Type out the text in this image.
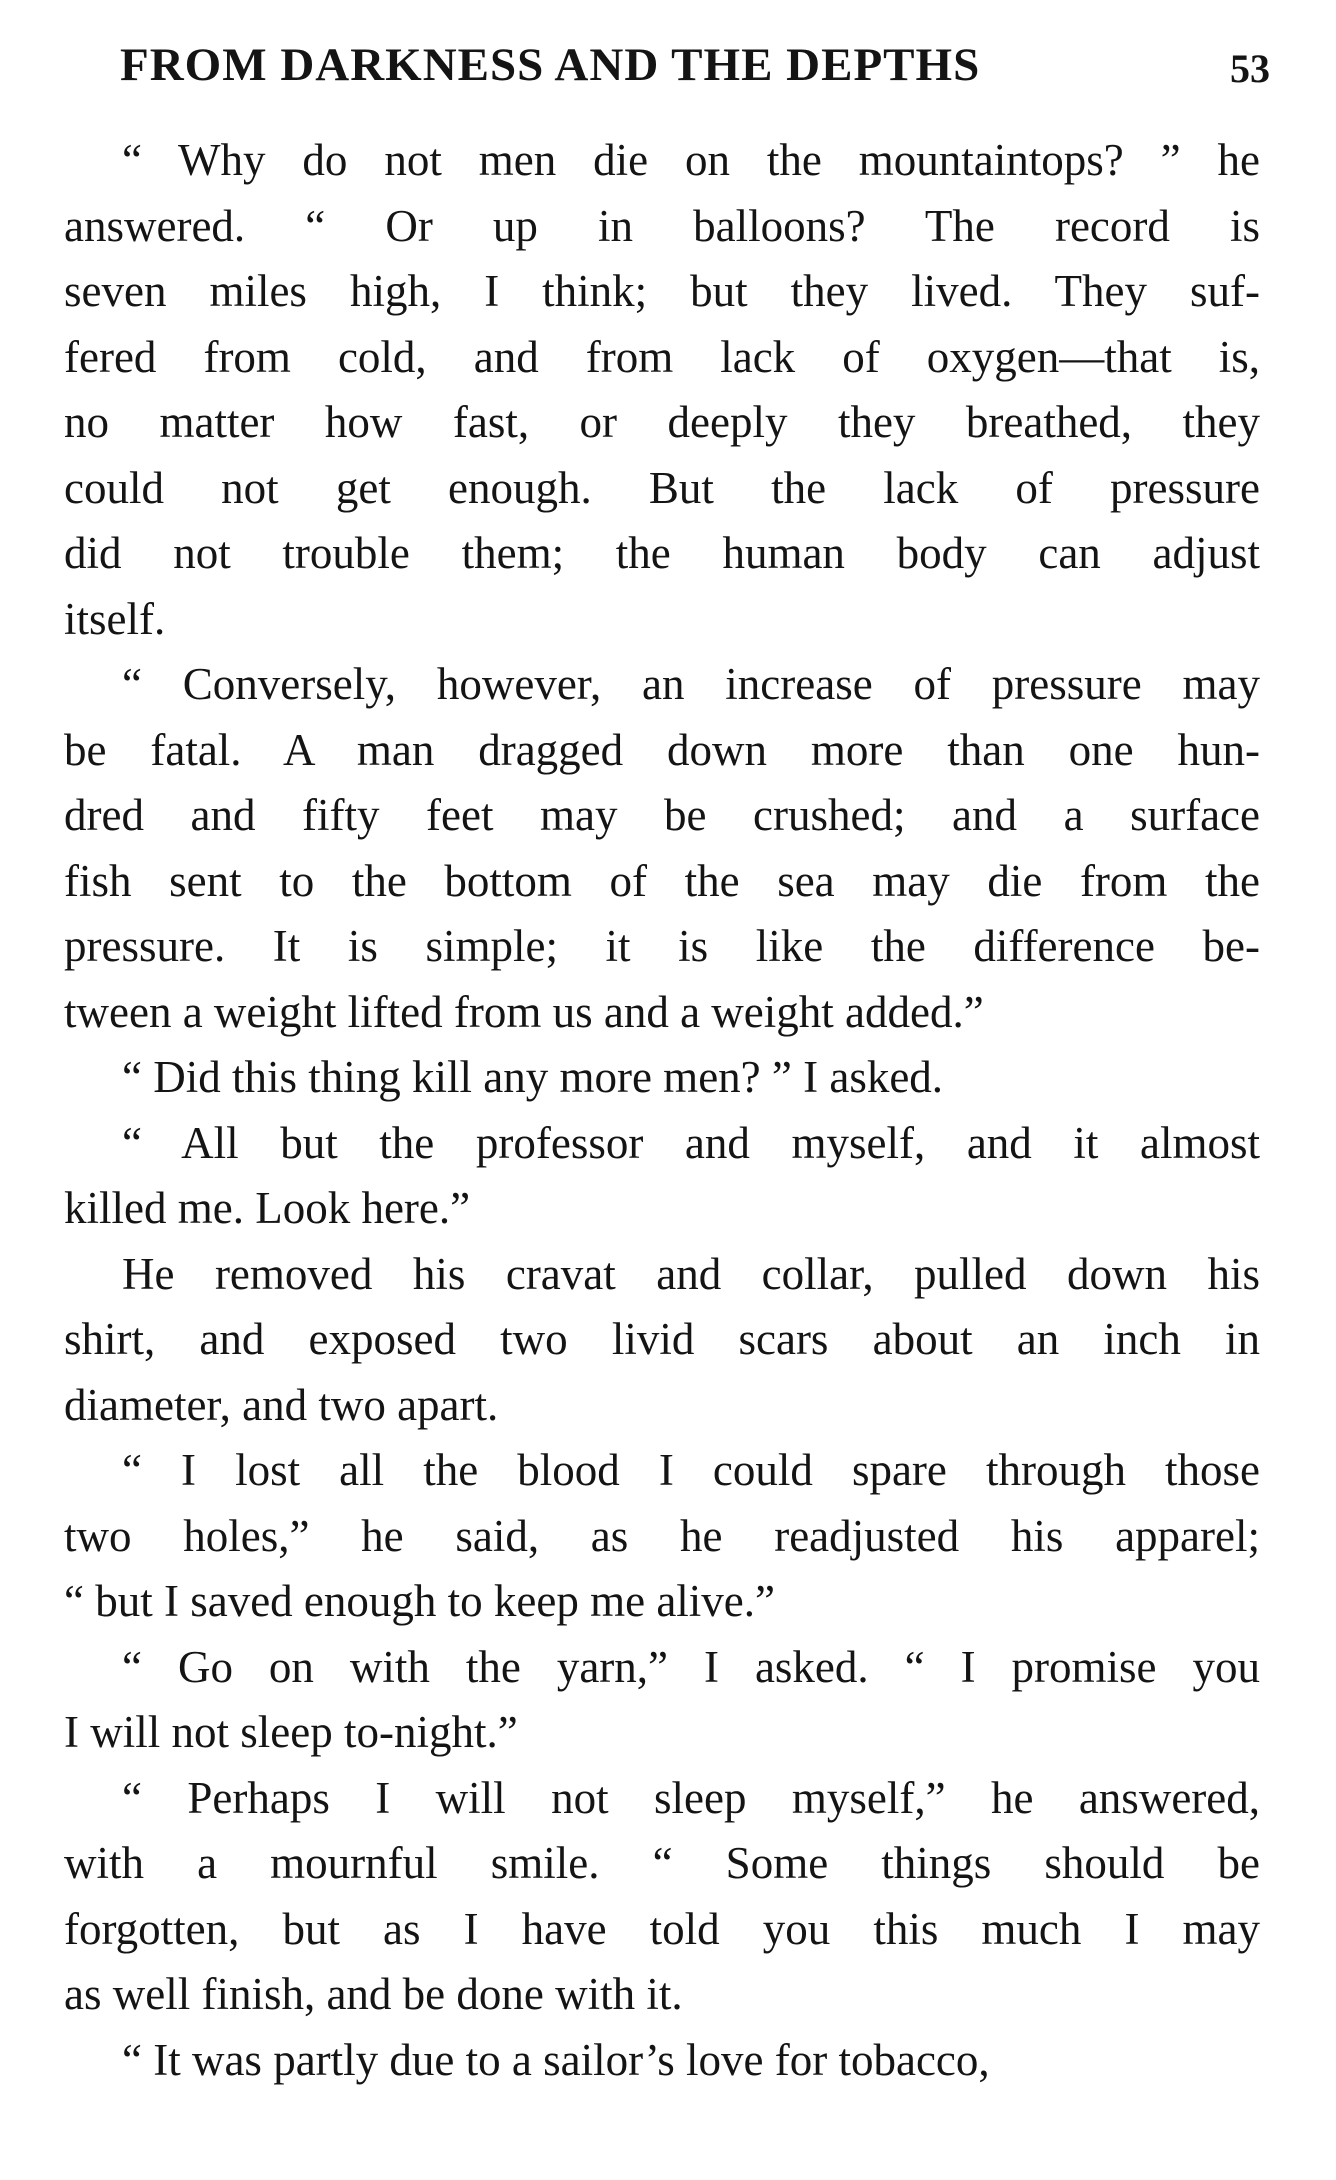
FROM DARKNESS AND THE DEPTHS	53

“ Why do not men die on the mountaintops? ” he
answered. “ Or up in balloons? The record is
seven miles high, I think; but they lived. They suf-
fered from cold, and from lack of oxygen—that is,
no matter how fast, or deeply they breathed, they
could not get enough. But the lack of pressure
did not trouble them; the human body can adjust
itself.

“ Conversely, however, an increase of pressure may
be fatal. A man dragged down more than one hun-
dred and fifty feet may be crushed; and a surface
fish sent to the bottom of the sea may die from the
pressure. It is simple; it is like the difference be-
tween a weight lifted from us and a weight added.”

“ Did this thing kill any more men? ” I asked.

“ All but the professor and myself, and it almost
killed me. Look here.”

He removed his cravat and collar, pulled down his
shirt, and exposed two livid scars about an inch in
diameter, and two apart.

“ I lost all the blood I could spare through those
two holes,” he said, as he readjusted his apparel;
“ but I saved enough to keep me alive.”

“ Go on with the yarn,” I asked. “ I promise you
I will not sleep to-night.”

“ Perhaps I will not sleep myself,” he answered,
with a mournful smile. “ Some things should be
forgotten, but as I have told you this much I may
as well finish, and be done with it.

“ It was partly due to a sailor’s love for tobacco,
